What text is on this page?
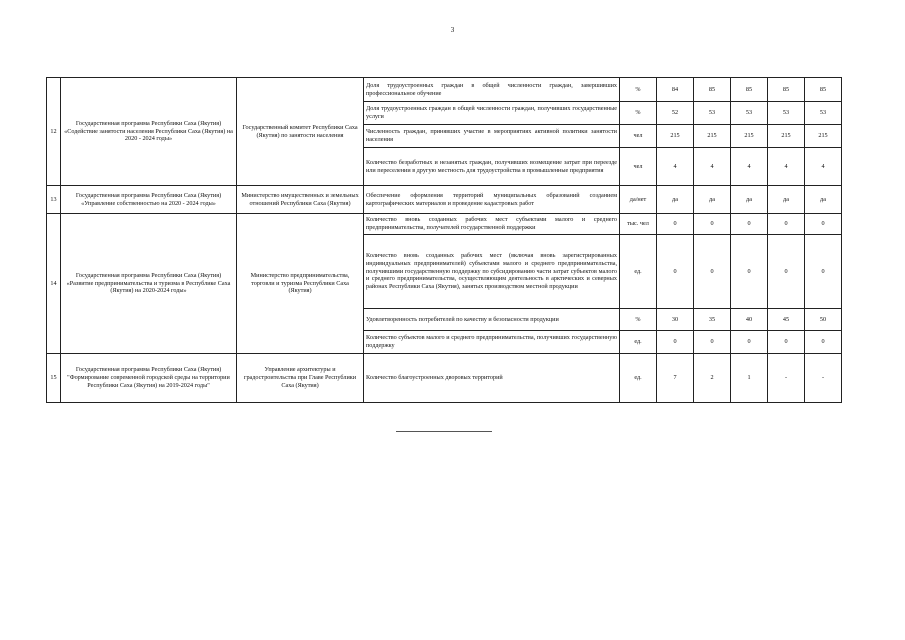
3
12	Государственная программа Республики Саха (Якутия) «Содействие занятости населения Республики Саха (Якутия) на 2020 - 2024 годы»	Государственный комитет Республики Саха (Якутия) по занятости населения	Доля трудоустроенных граждан в общей численности граждан, завершивших профессиональное обучение	%	84	85	85	85	85
			Доля трудоустроенных граждан в общей численности граждан, получивших государственные услуги	%	52	53	53	53	53
			Численность граждан, принявших участие в мероприятиях активной политики занятости населения	чел	215	215	215	215	215
			Количество безработных и незанятых граждан, получивших возмещение затрат при переезде или переселении в другую местность для трудоустройства в промышленные предприятия	чел	4	4	4	4	4
13	Государственная программа Республики Саха (Якутия) «Управление собственностью на 2020 - 2024 годы»	Министерство имущественных и земельных отношений Республики Саха (Якутия)	Обеспечение оформления территорий муниципальных образований созданием картографических материалов и проведение кадастровых работ	да/нет	да	да	да	да	да
14	Государственная программа Республики Саха (Якутия) «Развитие предпринимательства и туризма в Республике Саха (Якутия) на 2020-2024 годы»	Министерство предпринимательства, торговли и туризма Республики Саха (Якутия)	Количество вновь созданных рабочих мест субъектами малого и среднего предпринимательства, получателей государственной поддержки	тыс. чел	0	0	0	0	0
			Количество вновь созданных рабочих мест (включая вновь зарегистрированных индивидуальных предпринимателей) субъектами малого и среднего предпринимательства, получившими государственную поддержку по субсидированию части затрат субъектов малого и среднего предпринимательства, осуществляющим деятельность в арктических и северных районах Республики Саха (Якутия), занятых производством местной продукции	ед.	0	0	0	0	0
			Удовлетворенность потребителей по качеству и безопасности продукции	%	30	35	40	45	50
			Количество субъектов малого и среднего предпринимательства, получивших государственную поддержку	ед.	0	0	0	0	0
15	Государственная программа Республики Саха (Якутия) "Формирование современной городской среды на территории Республики Саха (Якутия) на 2019-2024 годы"	Управление архитектуры и градостроительства при Главе Республики Саха (Якутия)	Количество благоустроенных дворовых территорий	ед.	7	2	1	-	-
